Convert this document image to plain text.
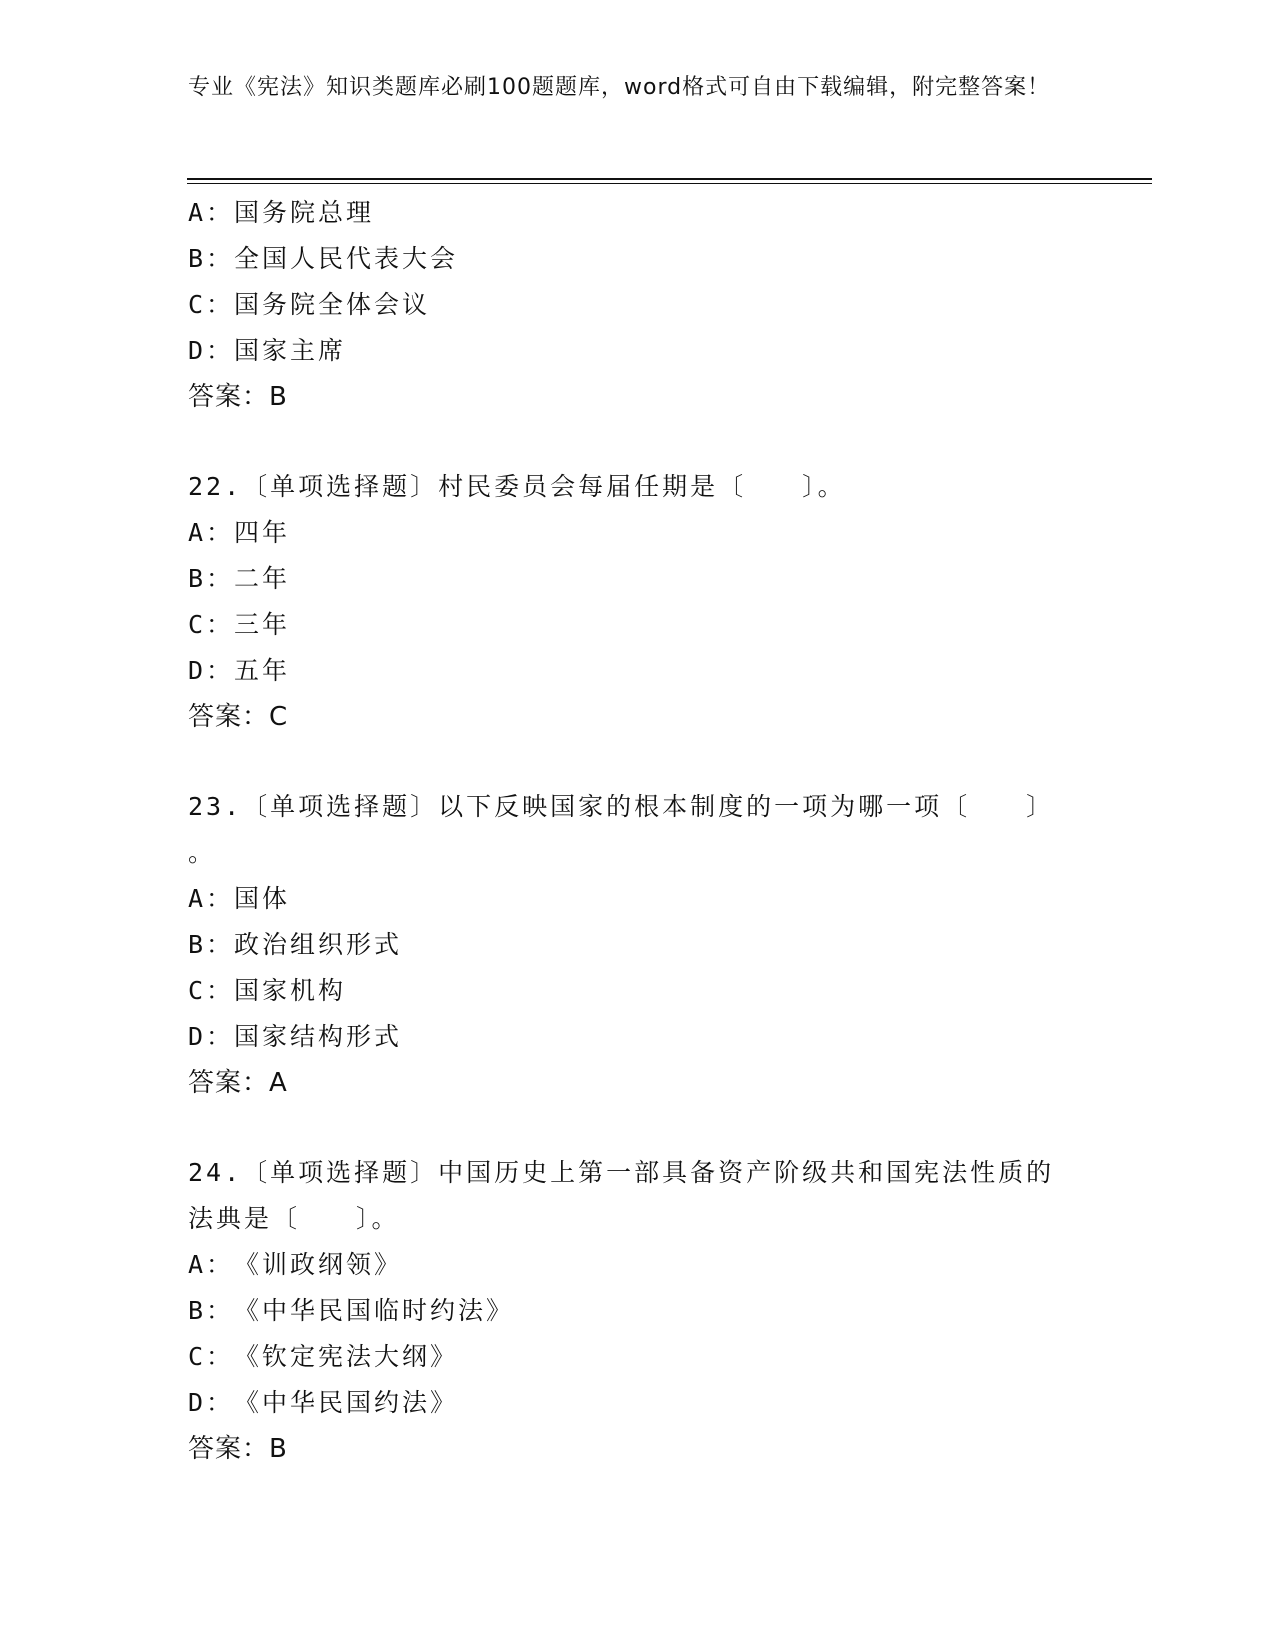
专业《宪法》知识类题库必刷100题题库，word格式可自由下载编辑，附完整答案！
A：国务院总理
B：全国人民代表大会
C：国务院全体会议
D：国家主席
答案：B
22.〔单项选择题〕村民委员会每届任期是〔　　〕。
A：四年
B：二年
C：三年
D：五年
答案：C
23.〔单项选择题〕以下反映国家的根本制度的一项为哪一项〔　　〕
。
A：国体
B：政治组织形式
C：国家机构
D：国家结构形式
答案：A
24.〔单项选择题〕中国历史上第一部具备资产阶级共和国宪法性质的
法典是〔　　〕。
A：《训政纲领》
B：《中华民国临时约法》
C：《钦定宪法大纲》
D：《中华民国约法》
答案：B
